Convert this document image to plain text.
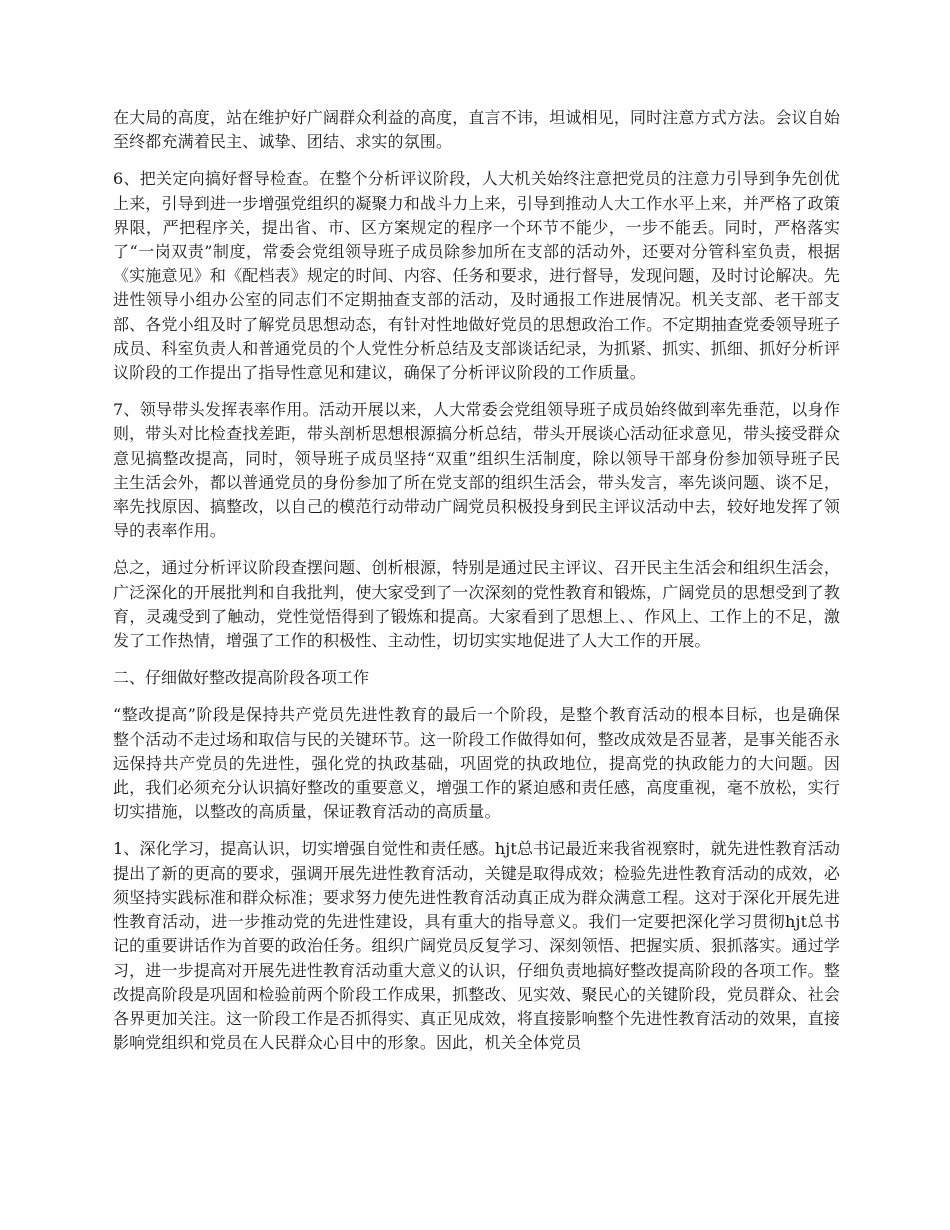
在大局的高度，站在维护好广阔群众利益的高度，直言不讳，坦诚相见，同时注意方式方法。会议自始至终都充满着民主、诚挚、团结、求实的氛围。

6、把关定向搞好督导检查。在整个分析评议阶段，人大机关始终注意把党员的注意力引导到争先创优上来，引导到进一步增强党组织的凝聚力和战斗力上来，引导到推动人大工作水平上来，并严格了政策界限，严把程序关，提出省、市、区方案规定的程序一个环节不能少，一步不能丢。同时，严格落实了“一岗双责”制度，常委会党组领导班子成员除参加所在支部的活动外，还要对分管科室负责，根据《实施意见》和《配档表》规定的时间、内容、任务和要求，进行督导，发现问题，及时讨论解决。先进性领导小组办公室的同志们不定期抽查支部的活动，及时通报工作进展情况。机关支部、老干部支部、各党小组及时了解党员思想动态，有针对性地做好党员的思想政治工作。不定期抽查党委领导班子成员、科室负责人和普通党员的个人党性分析总结及支部谈话纪录，为抓紧、抓实、抓细、抓好分析评议阶段的工作提出了指导性意见和建议，确保了分析评议阶段的工作质量。

7、领导带头发挥表率作用。活动开展以来，人大常委会党组领导班子成员始终做到率先垂范，以身作则，带头对比检查找差距，带头剖析思想根源搞分析总结，带头开展谈心活动征求意见，带头接受群众意见搞整改提高，同时，领导班子成员坚持“双重”组织生活制度，除以领导干部身份参加领导班子民主生活会外，都以普通党员的身份参加了所在党支部的组织生活会，带头发言，率先谈问题、谈不足，率先找原因、搞整改，以自己的模范行动带动广阔党员积极投身到民主评议活动中去，较好地发挥了领导的表率作用。

总之，通过分析评议阶段查摆问题、创析根源，特别是通过民主评议、召开民主生活会和组织生活会，广泛深化的开展批判和自我批判，使大家受到了一次深刻的党性教育和锻炼，广阔党员的思想受到了教育，灵魂受到了触动，党性觉悟得到了锻炼和提高。大家看到了思想上、、作风上、工作上的不足，激发了工作热情，增强了工作的积极性、主动性，切切实实地促进了人大工作的开展。

二、仔细做好整改提高阶段各项工作

“整改提高”阶段是保持共产党员先进性教育的最后一个阶段，是整个教育活动的根本目标，也是确保整个活动不走过场和取信与民的关键环节。这一阶段工作做得如何，整改成效是否显著，是事关能否永远保持共产党员的先进性，强化党的执政基础，巩固党的执政地位，提高党的执政能力的大问题。因此，我们必须充分认识搞好整改的重要意义，增强工作的紧迫感和责任感，高度重视，毫不放松，实行切实措施，以整改的高质量，保证教育活动的高质量。

1、深化学习，提高认识，切实增强自觉性和责任感。hjt总书记最近来我省视察时，就先进性教育活动提出了新的更高的要求，强调开展先进性教育活动，关键是取得成效；检验先进性教育活动的成效，必须坚持实践标准和群众标准；要求努力使先进性教育活动真正成为群众满意工程。这对于深化开展先进性教育活动，进一步推动党的先进性建设，具有重大的指导意义。我们一定要把深化学习贯彻hjt总书记的重要讲话作为首要的政治任务。组织广阔党员反复学习、深刻领悟、把握实质、狠抓落实。通过学习，进一步提高对开展先进性教育活动重大意义的认识，仔细负责地搞好整改提高阶段的各项工作。整改提高阶段是巩固和检验前两个阶段工作成果，抓整改、见实效、聚民心的关键阶段，党员群众、社会各界更加关注。这一阶段工作是否抓得实、真正见成效，将直接影响整个先进性教育活动的效果，直接影响党组织和党员在人民群众心目中的形象。因此，机关全体党员
